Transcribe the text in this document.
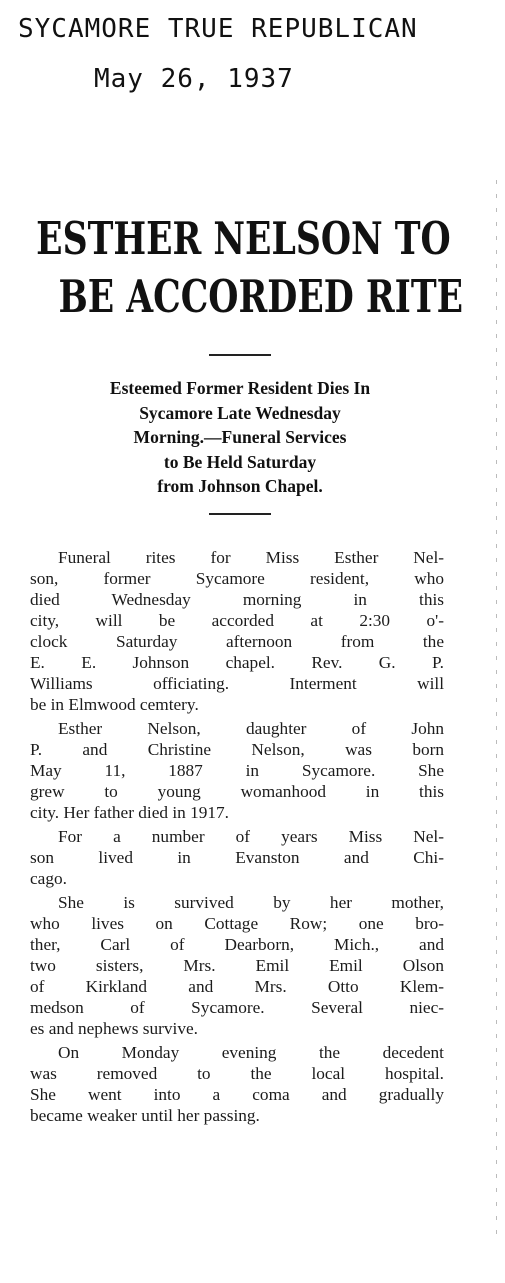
SYCAMORE TRUE REPUBLICAN
May 26, 1937
ESTHER NELSON TO
BE ACCORDED RITE
Esteemed Former Resident Dies In
Sycamore Late Wednesday
Morning.—Funeral Services
to Be Held Saturday
from Johnson Chapel.
Funeral rites for Miss Esther Nel-
son, former Sycamore resident, who
died Wednesday morning in this
city, will be accorded at 2:30 o'-
clock Saturday afternoon from the
E. E. Johnson chapel. Rev. G. P.
Williams officiating. Interment will
be in Elmwood cemtery.
Esther Nelson, daughter of John
P. and Christine Nelson, was born
May 11, 1887 in Sycamore. She
grew to young womanhood in this
city. Her father died in 1917.
For a number of years Miss Nel-
son lived in Evanston and Chi-
cago.
She is survived by her mother,
who lives on Cottage Row; one bro-
ther, Carl of Dearborn, Mich., and
two sisters, Mrs. Emil Emil Olson
of Kirkland and Mrs. Otto Klem-
medson of Sycamore. Several niec-
es and nephews survive.
On Monday evening the decedent
was removed to the local hospital.
She went into a coma and gradually
became weaker until her passing.
